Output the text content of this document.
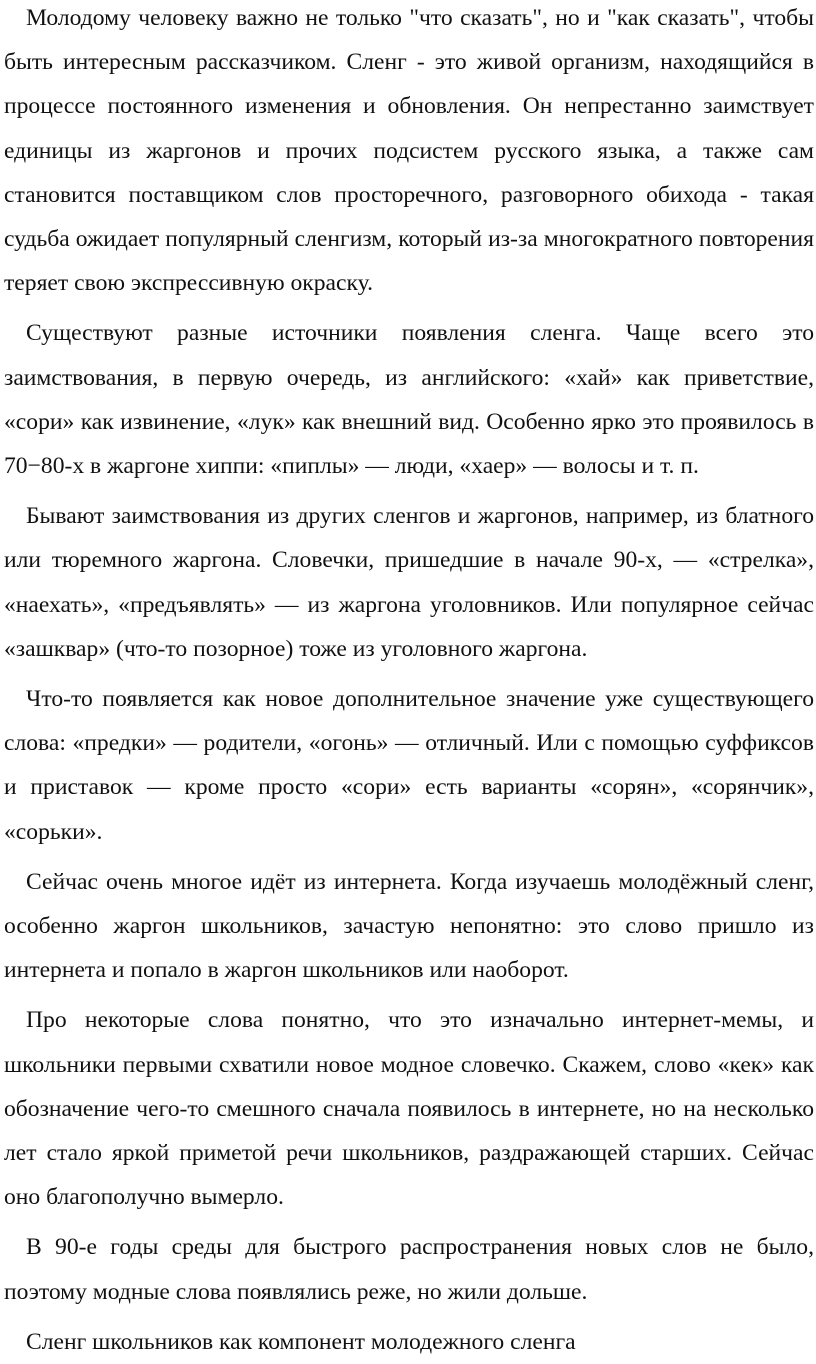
Молодому человеку важно не только "что сказать", но и "как сказать", чтобы быть интересным рассказчиком. Сленг - это живой организм, находящийся в процессе постоянного изменения и обновления. Он непрестанно заимствует единицы из жаргонов и прочих подсистем русского языка, а также сам становится поставщиком слов просторечного, разговорного обихода - такая судьба ожидает популярный сленгизм, который из-за многократного повторения теряет свою экспрессивную окраску.

Существуют разные источники появления сленга. Чаще всего это заимствования, в первую очередь, из английского: «хай» как приветствие, «сори» как извинение, «лук» как внешний вид. Особенно ярко это проявилось в 70−80-х в жаргоне хиппи: «пиплы» — люди, «хаер» — волосы и т. п.

Бывают заимствования из других сленгов и жаргонов, например, из блатного или тюремного жаргона. Словечки, пришедшие в начале 90-х, — «стрелка», «наехать», «предъявлять» — из жаргона уголовников. Или популярное сейчас «зашквар» (что-то позорное) тоже из уголовного жаргона.

Что-то появляется как новое дополнительное значение уже существующего слова: «предки» — родители, «огонь» — отличный. Или с помощью суффиксов и приставок — кроме просто «сори» есть варианты «сорян», «сорянчик», «сорьки».

Сейчас очень многое идёт из интернета. Когда изучаешь молодёжный сленг, особенно жаргон школьников, зачастую непонятно: это слово пришло из интернета и попало в жаргон школьников или наоборот.

Про некоторые слова понятно, что это изначально интернет-мемы, и школьники первыми схватили новое модное словечко. Скажем, слово «кек» как обозначение чего-то смешного сначала появилось в интернете, но на несколько лет стало яркой приметой речи школьников, раздражающей старших. Сейчас оно благополучно вымерло.

В 90-е годы среды для быстрого распространения новых слов не было, поэтому модные слова появлялись реже, но жили дольше.

Сленг школьников как компонент молодежного сленга
